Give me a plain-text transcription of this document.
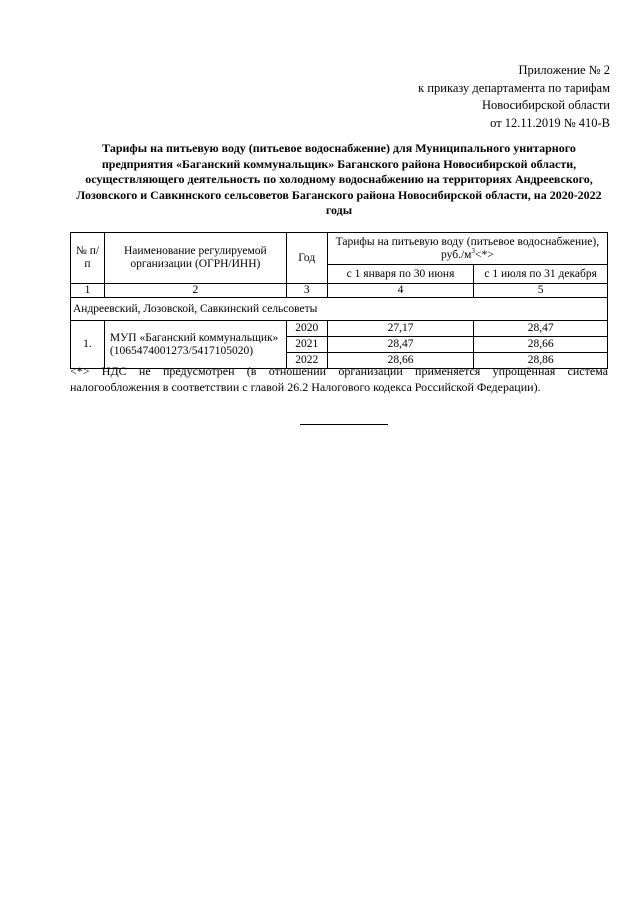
Приложение № 2
к приказу департамента по тарифам
Новосибирской области
от 12.11.2019 № 410-В
Тарифы на питьевую воду (питьевое водоснабжение) для Муниципального унитарного предприятия «Баганский коммунальщик» Баганского района Новосибирской области, осуществляющего деятельность по холодному водоснабжению на территориях Андреевского, Лозовского и Савкинского сельсоветов Баганского района Новосибирской области, на 2020-2022 годы
№ п/п	Наименование регулируемой организации (ОГРН/ИНН)	Год	Тарифы на питьевую воду (питьевое водоснабжение), $руб./м^3<*>$	
			с 1 января по 30 июня	с 1 июля по 31 декабря
1	2	3	4	5
Андреевский, Лозовской, Савкинский сельсоветы				
1.	МУП «Баганский коммунальщик» (1065474001273/5417105020)	2020	27,17	28,47
		2021	28,47	28,66
		2022	28,66	28,86
<*> НДС не предусмотрен (в отношении организации применяется упрощённая система налогообложения в соответствии с главой 26.2 Налогового кодекса Российской Федерации).
